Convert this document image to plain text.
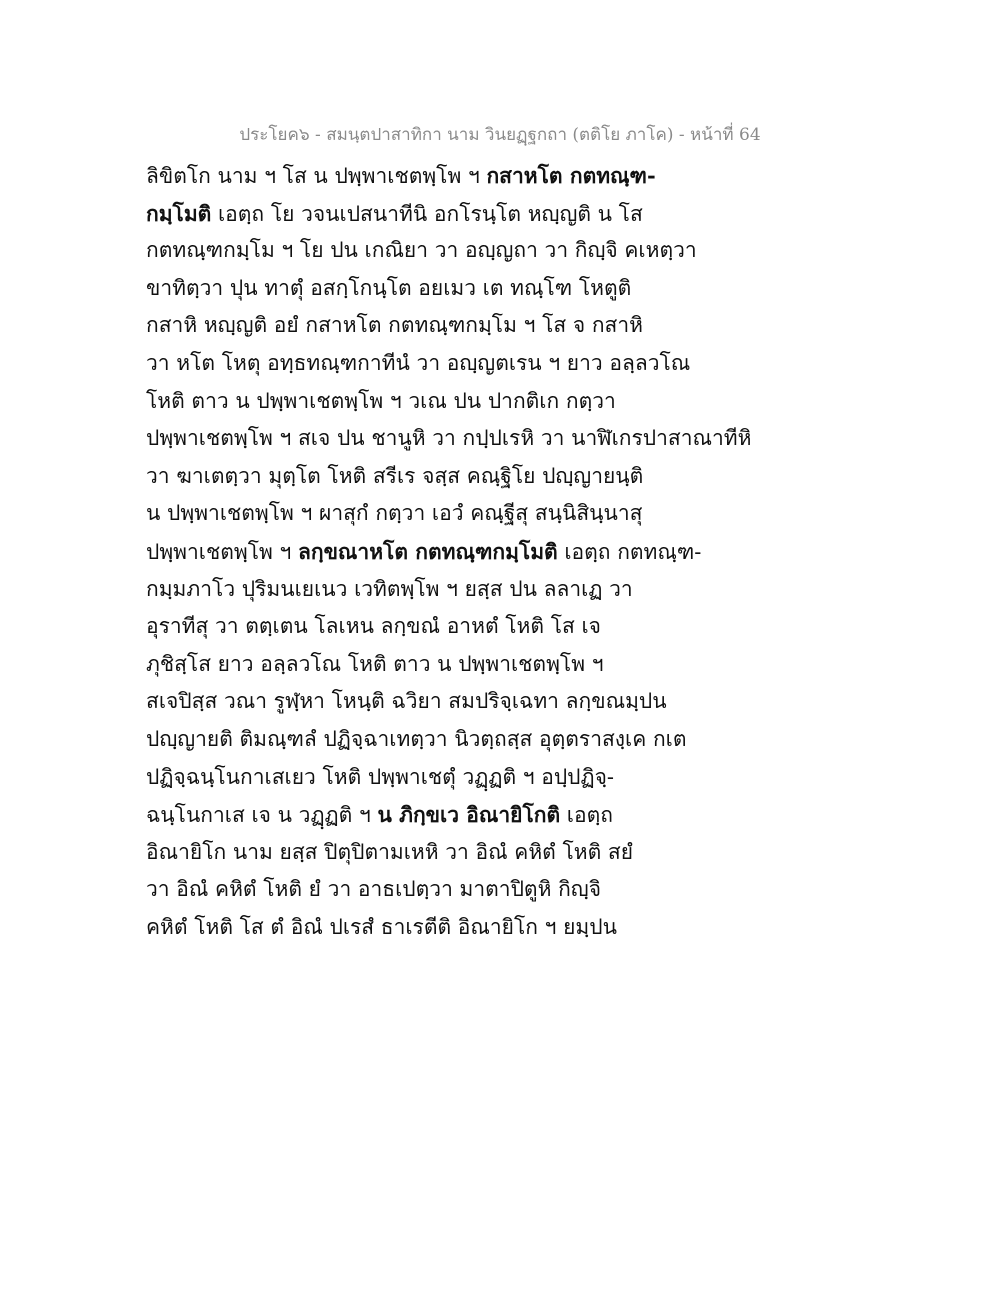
ประโยค๖ - สมนฺตปาสาทิกา นาม วินยฏฺฐกถา (ตติโย ภาโค) - หน้าที่ 64
ลิขิตโก นาม ฯ โส น ปพฺพาเชตพฺโพ ฯ กสาหโต กตทณฺฑ-
กมฺโมติ เอตฺถ โย วจนเปสนาทีนิ อกโรนฺโต หญฺญติ น โส
กตทณฺฑกมฺโม ฯ โย ปน เกณิยา วา อญฺญถา วา กิญฺจิ คเหตฺวา
ขาทิตฺวา ปุน ทาตุํ อสกฺโกนฺโต อยเมว เต ทณฺโฑ โหตูติ
กสาหิ หญฺญติ อยํ กสาหโต กตทณฺฑกมฺโม ฯ โส จ กสาหิ
วา หโต โหตุ อทฺธทณฺฑกาทีนํ วา อญฺญตเรน ฯ ยาว อลฺลวโณ
โหติ ตาว น ปพฺพาเชตพฺโพ ฯ วเณ ปน ปากติเก กตฺวา
ปพฺพาเชตพฺโพ ฯ สเจ ปน ชานูหิ วา กปฺปเรหิ วา นาฬิเกรปาสาณาทีหิ
วา ฆาเตตฺวา มุตฺโต โหติ สรีเร จสฺส คณฺฐิโย ปญฺญายนฺติ
น ปพฺพาเชตพฺโพ ฯ ผาสุกํ กตฺวา เอวํ คณฺฐีสุ สนฺนิสินฺนาสุ
ปพฺพาเชตพฺโพ ฯ ลกฺขณาหโต กตทณฺฑกมฺโมติ เอตฺถ กตทณฺฑ-
กมฺมภาโว ปุริมนเยเนว เวทิตพฺโพ ฯ ยสฺส ปน ลลาเฏ วา
อุราทีสุ วา ตตฺเตน โลเหน ลกฺขณํ อาหตํ โหติ โส เจ
ภุชิสฺโส ยาว อลฺลวโณ โหติ ตาว น ปพฺพาเชตพฺโพ ฯ
สเจปิสฺส วณา รูฬฺหา โหนฺติ ฉวิยา สมปริจฺเฉทา ลกฺขณมฺปน
ปญฺญายติ ติมณฺฑลํ ปฏิจฺฉาเทตฺวา นิวตฺถสฺส อุตฺตราสงฺเค กเต
ปฏิจฺฉนฺโนกาเสเยว โหติ ปพฺพาเชตุํ วฏฺฏติ ฯ อปฺปฏิจฺ-
ฉนฺโนกาเส เจ น วฏฺฏติ ฯ น ภิกฺขเว อิณายิโกติ เอตฺถ
อิณายิโก นาม ยสฺส ปิตุปิตามเหหิ วา อิณํ คหิตํ โหติ สยํ
วา อิณํ คหิตํ โหติ ยํ วา อาธเปตฺวา มาตาปิตูหิ กิญฺจิ
คหิตํ โหติ โส ตํ อิณํ ปเรสํ ธาเรตีติ อิณายิโก ฯ ยมฺปน
